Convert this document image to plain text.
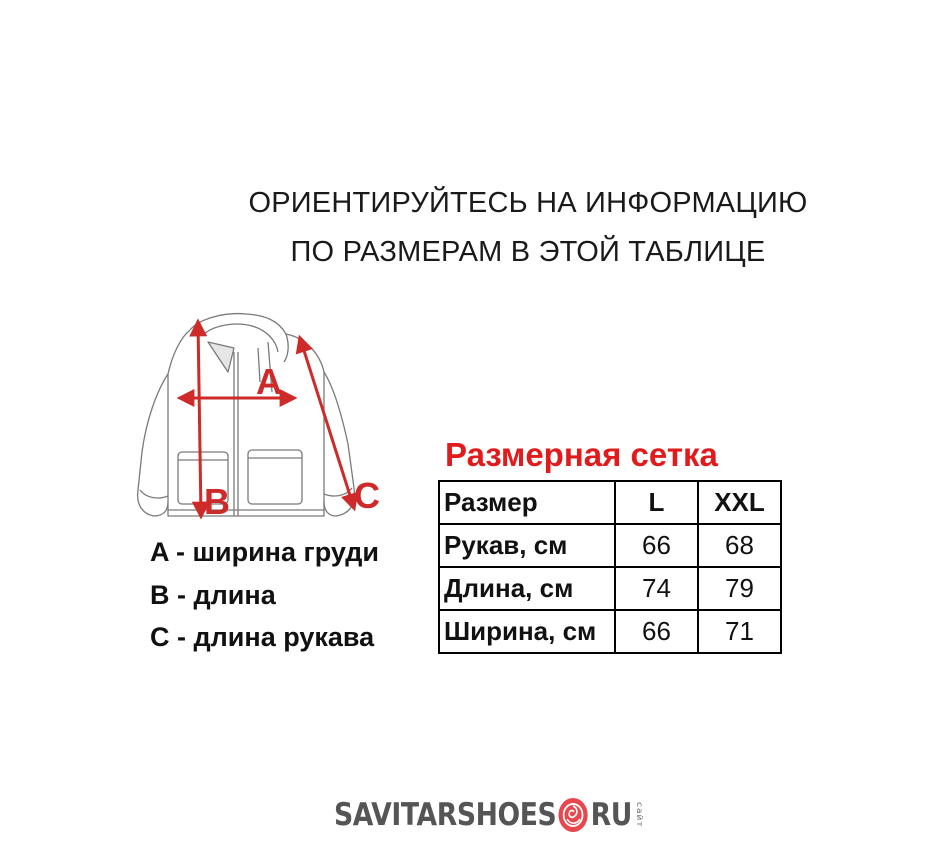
ОРИЕНТИРУЙТЕСЬ НА ИНФОРМАЦИЮ
ПО РАЗМЕРАМ В ЭТОЙ ТАБЛИЦЕ
A
B	C
A - ширина груди
B - длина
C - длина рукава
Размерная сетка
Размер	L	XXL
Рукав, см	66	68
Длина, см	74	79
Ширина, см	66	71
SAVITARSHOES RU сайт
